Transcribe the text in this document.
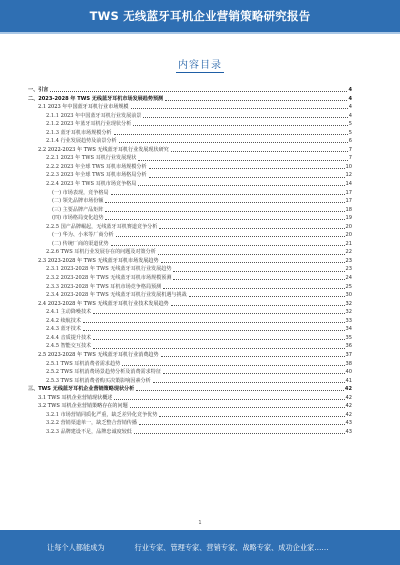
TWS 无线蓝牙耳机企业营销策略研究报告
内容目录
一、引言	4
二、2023-2028 年 TWS 无线蓝牙耳机市场发展趋势预测	4
2.1 2023 年中国蓝牙耳机行业市场规模	4
2.1.1 2023 年中国蓝牙耳机行业发展前景	4
2.1.2 2023 年蓝牙耳机行业现状分析	5
2.1.3 蓝牙耳机市场规模分析	5
2.1.4 行业发展趋势及前景分析	6
2.2 2022-2023 年 TWS 无线蓝牙耳机行业发展现状研究	7
2.2.1 2023 年 TWS 耳机行业发展现状	7
2.2.2 2023 年全球 TWS 耳机市场规模分析	10
2.2.3 2023 年全球 TWS 耳机市场格局分析	12
2.2.4 2023 年 TWS 耳机市场竞争格局	14
(一) 市场表现，竞争格局	17
(二) 领先品牌市场份额	17
(三) 主要品牌产品矩阵	18
(四) 市场格局变化趋势	19
2.2.5 国产品牌崛起，无线蓝牙耳机赛道竞争分析	20
(一) 华为、小米等厂商分析	20
(二) 传统厂商的渠道优势	21
2.2.6 TWS 耳机行业发展存在的问题及对策分析	22
2.3 2023-2028 年 TWS 无线蓝牙耳机市场发展趋势	23
2.3.1 2023-2028 年 TWS 无线蓝牙耳机行业发展趋势	23
2.3.2 2023-2028 年 TWS 无线蓝牙耳机市场规模预测	24
2.3.3 2023-2028 年 TWS 耳机市场竞争格局预测	25
2.3.4 2023-2028 年 TWS 无线蓝牙耳机行业发展机遇与挑战	30
2.4 2023-2028 年 TWS 无线蓝牙耳机行业技术发展趋势	32
2.4.1 主动降噪技术	32
2.4.2 续航技术	33
2.4.3 蓝牙技术	34
2.4.4 音质提升技术	35
2.4.5 智能交互技术	36
2.5 2023-2028 年 TWS 无线蓝牙耳机行业消费趋势	37
2.5.1 TWS 耳机消费者需求趋势	38
2.5.2 TWS 耳机消费场景趋势分析及消费需求特征	40
2.5.3 TWS 耳机消费者购买决策影响因素分析	41
三、TWS 无线蓝牙耳机企业营销策略现状分析	42
3.1 TWS 耳机企业营销现状概述	42
3.2 TWS 耳机企业营销策略存在的问题	42
3.2.1 市场营销同质化严重，缺乏差异化竞争优势	42
3.2.2 营销渠道单一，缺乏整合营销传播	43
3.2.3 品牌建设不足，品牌忠诚度较低	43
1
让每个人都能成为	行业专家、管理专家、营销专家、战略专家、成功企业家……
